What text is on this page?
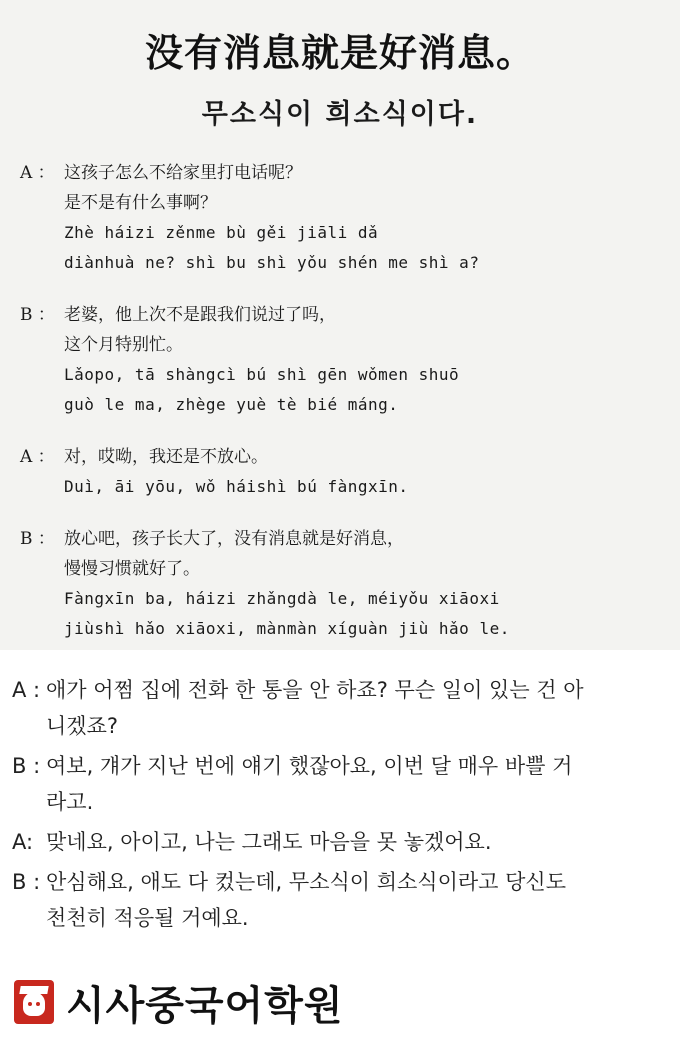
没有消息就是好消息。
무소식이 희소식이다.
A ： 这孩子怎么不给家里打电话呢？
是不是有什么事啊？
Zhè háizi zěnme bù gěi jiāli dǎ
diànhuà ne? shì bu shì yǒu shén me shì a?
B ： 老婆，他上次不是跟我们说过了吗，
这个月特别忙。
Lǎopo, tā shàngcì bú shì gēn wǒmen shuō
guò le ma, zhège yuè tè bié máng.
A ： 对，哎呦，我还是不放心。
Duì, āi yōu, wǒ háishì bú fàngxīn.
B ： 放心吧，孩子长大了，没有消息就是好消息，
慢慢习惯就好了。
Fàngxīn ba, háizi zhǎngdà le, méiyǒu xiāoxi
jiùshì hǎo xiāoxi, mànmàn xíguàn jiù hǎo le.
A : 애가 어쩜 집에 전화 한 통을 안 하죠? 무슨 일이 있는 건 아
니겠죠?
B : 여보, 걔가 지난 번에 얘기 했잖아요, 이번 달 매우 바쁠 거
라고.
A: 맞네요, 아이고, 나는 그래도 마음을 못 놓겠어요.
B : 안심해요, 애도 다 컸는데, 무소식이 희소식이라고 당신도
천천히 적응될 거예요.
시사중국어학원
